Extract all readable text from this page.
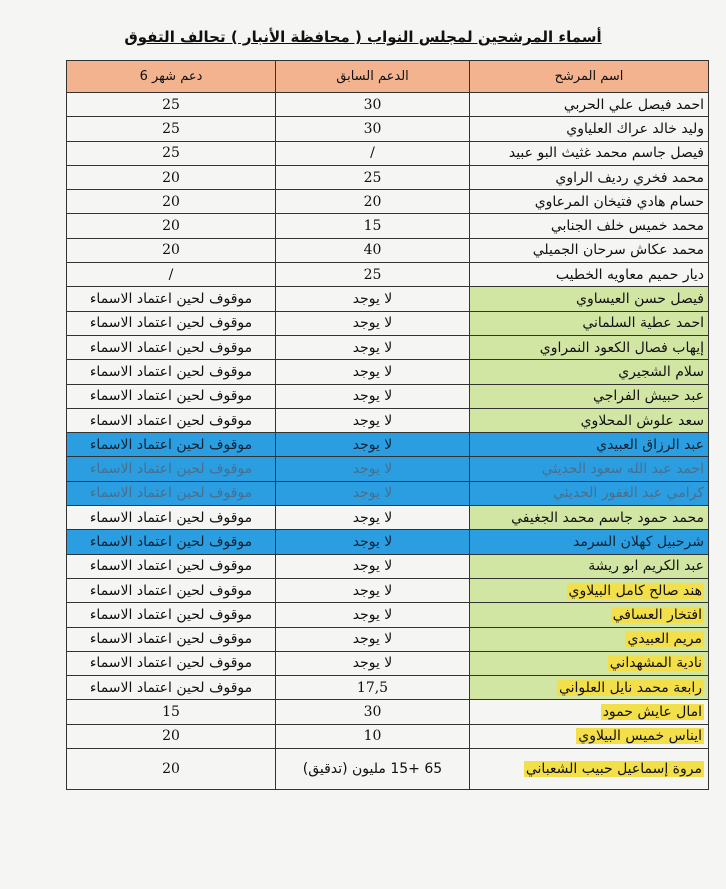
أسماء المرشحين لمجلس النواب ( محافظة الأنبار ) تحالف التفوق
اسم المرشح	الدعم السابق	دعم شهر 6
احمد فيصل علي الحربي	30	25
وليد خالد عراك العلياوي	30	25
فيصل جاسم محمد غثيث البو عبيد	/	25
محمد فخري رديف الراوي	25	20
حسام هادي فتيخان المرعاوي	20	20
محمد خميس خلف الجنابي	15	20
محمد عكاش سرحان الجميلي	40	20
ديار حميم معاويه الخطيب	25	/
فيصل حسن العيساوي	لا يوجد	موقوف لحين اعتماد الاسماء
احمد عطية السلماني	لا يوجد	موقوف لحين اعتماد الاسماء
إيهاب فصال الكعود النمراوي	لا يوجد	موقوف لحين اعتماد الاسماء
سلام الشجيري	لا يوجد	موقوف لحين اعتماد الاسماء
عبد حبيش الفراجي	لا يوجد	موقوف لحين اعتماد الاسماء
سعد علوش المحلاوي	لا يوجد	موقوف لحين اعتماد الاسماء
عبد الرزاق العبيدي	لا يوجد	موقوف لحين اعتماد الاسماء
احمد عبد الله سعود الحديثي	لا يوجد	موقوف لحين اعتماد الاسماء
كرامي عبد الغفور الحديثي	لا يوجد	موقوف لحين اعتماد الاسماء
محمد حمود جاسم محمد الجغيفي	لا يوجد	موقوف لحين اعتماد الاسماء
شرحبيل كهلان السرمد	لا يوجد	موقوف لحين اعتماد الاسماء
عبد الكريم ابو ريشة	لا يوجد	موقوف لحين اعتماد الاسماء
هند صالح كامل البيلاوي	لا يوجد	موقوف لحين اعتماد الاسماء
افتخار العسافي	لا يوجد	موقوف لحين اعتماد الاسماء
مريم العبيدي	لا يوجد	موقوف لحين اعتماد الاسماء
نادية المشهداني	لا يوجد	موقوف لحين اعتماد الاسماء
رابعة محمد نايل العلواني	17,5	موقوف لحين اعتماد الاسماء
امال عايش حمود	30	15
ايناس خميس البيلاوي	10	20
مروة إسماعيل حبيب الشعباني	65 +15 مليون (تدقيق)	20
